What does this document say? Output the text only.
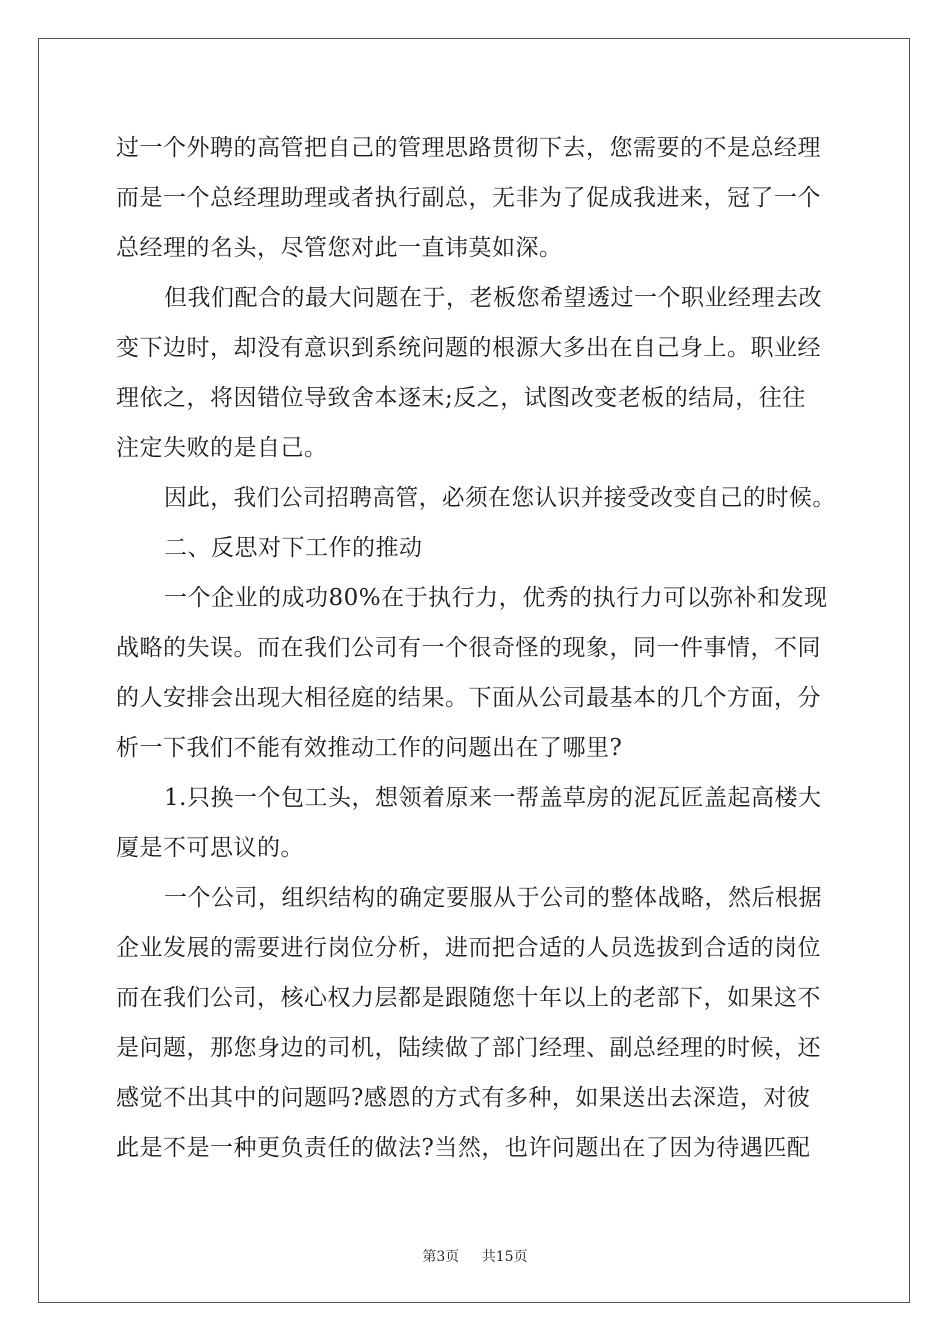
过一个外聘的高管把自己的管理思路贯彻下去，您需要的不是总经理
而是一个总经理助理或者执行副总，无非为了促成我进来，冠了一个
总经理的名头，尽管您对此一直讳莫如深。
但我们配合的最大问题在于，老板您希望透过一个职业经理去改
变下边时，却没有意识到系统问题的根源大多出在自己身上。职业经
理依之，将因错位导致舍本逐末;反之，试图改变老板的结局，往往
注定失败的是自己。
因此，我们公司招聘高管，必须在您认识并接受改变自己的时候。
二、反思对下工作的推动
一个企业的成功80%在于执行力，优秀的执行力可以弥补和发现
战略的失误。而在我们公司有一个很奇怪的现象，同一件事情，不同
的人安排会出现大相径庭的结果。下面从公司最基本的几个方面，分
析一下我们不能有效推动工作的问题出在了哪里?
1.只换一个包工头，想领着原来一帮盖草房的泥瓦匠盖起高楼大
厦是不可思议的。
一个公司，组织结构的确定要服从于公司的整体战略，然后根据
企业发展的需要进行岗位分析，进而把合适的人员选拔到合适的岗位
而在我们公司，核心权力层都是跟随您十年以上的老部下，如果这不
是问题，那您身边的司机，陆续做了部门经理、副总经理的时候，还
感觉不出其中的问题吗?感恩的方式有多种，如果送出去深造，对彼
此是不是一种更负责任的做法?当然，也许问题出在了因为待遇匹配
第3页 共15页
